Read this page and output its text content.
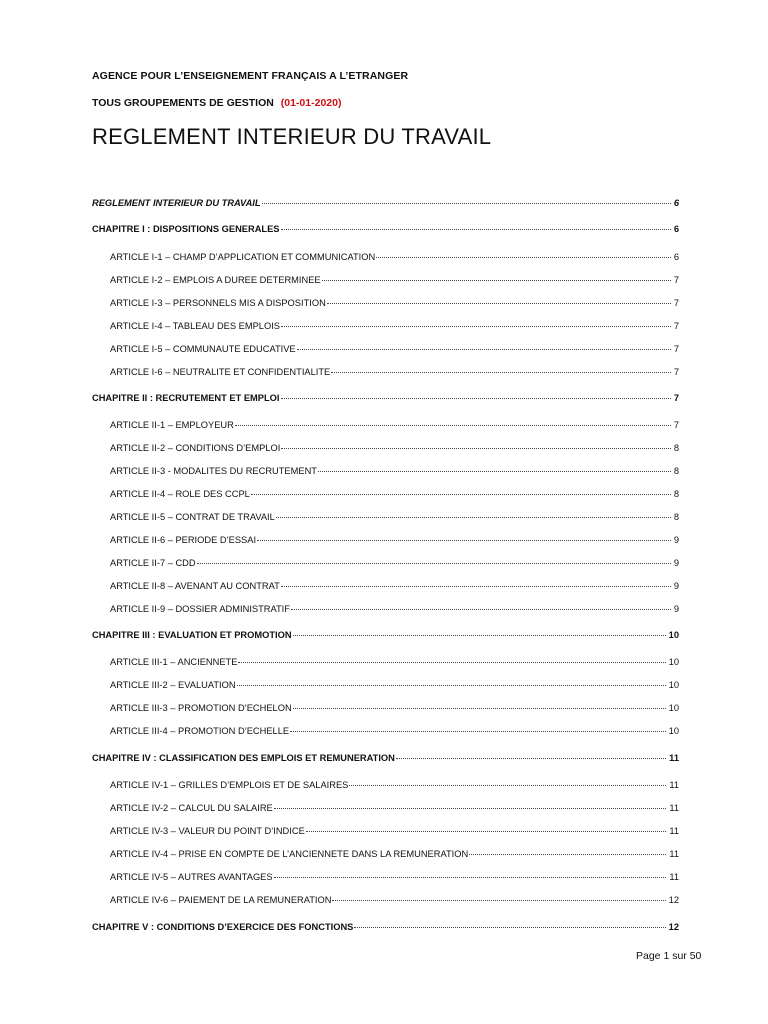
AGENCE POUR L’ENSEIGNEMENT FRANÇAIS A L’ETRANGER
TOUS GROUPEMENTS DE GESTION (01-01-2020)
REGLEMENT INTERIEUR DU TRAVAIL
REGLEMENT INTERIEUR DU TRAVAIL	6
CHAPITRE I : DISPOSITIONS GENERALES	6
ARTICLE I-1 – CHAMP D’APPLICATION ET COMMUNICATION	6
ARTICLE I-2 – EMPLOIS A DUREE DETERMINEE	7
ARTICLE I-3 – PERSONNELS MIS A DISPOSITION	7
ARTICLE I-4 – TABLEAU DES EMPLOIS	7
ARTICLE I-5 – COMMUNAUTE EDUCATIVE	7
ARTICLE I-6 – NEUTRALITE ET CONFIDENTIALITE	7
CHAPITRE II : RECRUTEMENT ET EMPLOI	7
ARTICLE II-1 – EMPLOYEUR	7
ARTICLE II-2 – CONDITIONS D’EMPLOI	8
ARTICLE II-3 - MODALITES DU RECRUTEMENT	8
ARTICLE II-4 – ROLE DES CCPL	8
ARTICLE II-5 – CONTRAT DE TRAVAIL	8
ARTICLE II-6 – PERIODE D’ESSAI	9
ARTICLE II-7 – CDD	9
ARTICLE II-8 – AVENANT AU CONTRAT	9
ARTICLE II-9 – DOSSIER ADMINISTRATIF	9
CHAPITRE III : EVALUATION ET PROMOTION	10
ARTICLE III-1 – ANCIENNETE	10
ARTICLE III-2 – EVALUATION	10
ARTICLE III-3 – PROMOTION D’ECHELON	10
ARTICLE III-4 – PROMOTION D’ECHELLE	10
CHAPITRE IV : CLASSIFICATION DES EMPLOIS ET REMUNERATION	11
ARTICLE IV-1 – GRILLES D’EMPLOIS ET DE SALAIRES	11
ARTICLE IV-2 – CALCUL DU SALAIRE	11
ARTICLE IV-3 – VALEUR DU POINT D’INDICE	11
ARTICLE IV-4 – PRISE EN COMPTE DE L’ANCIENNETE DANS LA REMUNERATION	11
ARTICLE IV-5 – AUTRES AVANTAGES	11
ARTICLE IV-6 – PAIEMENT DE LA REMUNERATION	12
CHAPITRE V : CONDITIONS D’EXERCICE DES FONCTIONS	12
Page 1 sur 50
